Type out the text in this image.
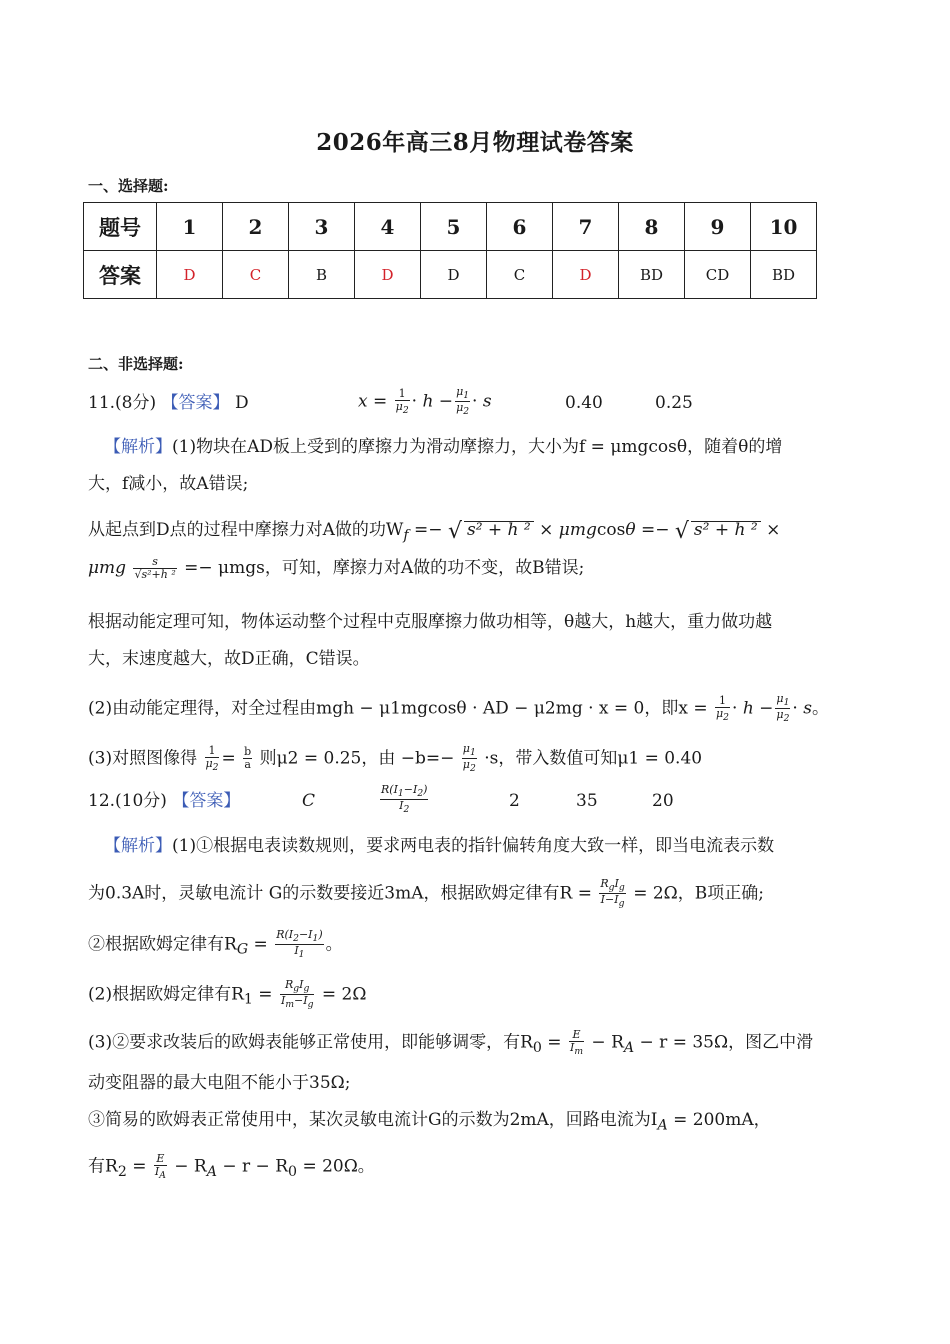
2026年高三8月物理试卷答案
一、选择题:
题号	1	2	3	4	5	6	7	8	9	10
答案	D	C	B	D	D	C	D	BD	CD	BD
二、非选择题:
11.(8分) 【答案】 D	$x = \frac{1}{\mu_2} \cdot h - \frac{\mu_1}{\mu_2} \cdot s$	0.40	0.25
【解析】(1)物块在AD板上受到的摩擦力为滑动摩擦力，大小为f = μmgcosθ，随着θ的增
大，f减小，故A错误;
从起点到D点的过程中摩擦力对A做的功$W_f$ =− √ s² + h ² × μmgcosθ =− √ s² + h ² ×
μmg $\frac{s}{\text{√s²+h ²}} =- \mu mgs$，可知，摩擦力对A做的功不变，故B错误;
根据动能定理可知，物体运动整个过程中克服摩擦力做功相等，θ越大，h越大，重力做功越
大，末速度越大，故D正确，C错误。
(2)由动能定理得，对全过程由mgh − μ1mgcosθ · AD − μ2mg · x = 0，即$x = \frac{1}{\mu_2} \cdot h - \frac{\mu_1}{\mu_2} \cdot s$。
(3)对照图像得 $\frac{1}{\mu_2} = \frac{b}{a}$ 则μ2 = 0.25，由 $-b=- \frac{\mu_1}{\mu_2} \cdot s$，带入数值可知μ1 = 0.40
12.(10分) 【答案】	C	$\frac{R(I_1-I_2)}{I_2}$	2	35	20
【解析】(1)①根据电表读数规则，要求两电表的指针偏转角度大致一样，即当电流表示数
为0.3A时，灵敏电流计 G的示数要接近3mA，根据欧姆定律有$R = \frac{R_gI_g}{I-I_g} = 2\Omega$，B项正确;
②根据欧姆定律有$R_G = \frac{R(I_2-I_1)}{I_1}$ 。
(2)根据欧姆定律有$R_1 = \frac{R_gI_g}{I_m-I_g} = 2\Omega$
(3)②要求改装后的欧姆表能够正常使用，即能够调零，有$R_0 = \frac{E}{I_m} - R_A - r = 35\Omega$，图乙中滑
动变阻器的最大电阻不能小于35Ω;
③简易的欧姆表正常使用中，某次灵敏电流计G的示数为2mA，回路电流为$I_A = 200mA$，
有$R_2 = \frac{E}{I_A} - R_A - r - R_0 = 20\Omega$。
